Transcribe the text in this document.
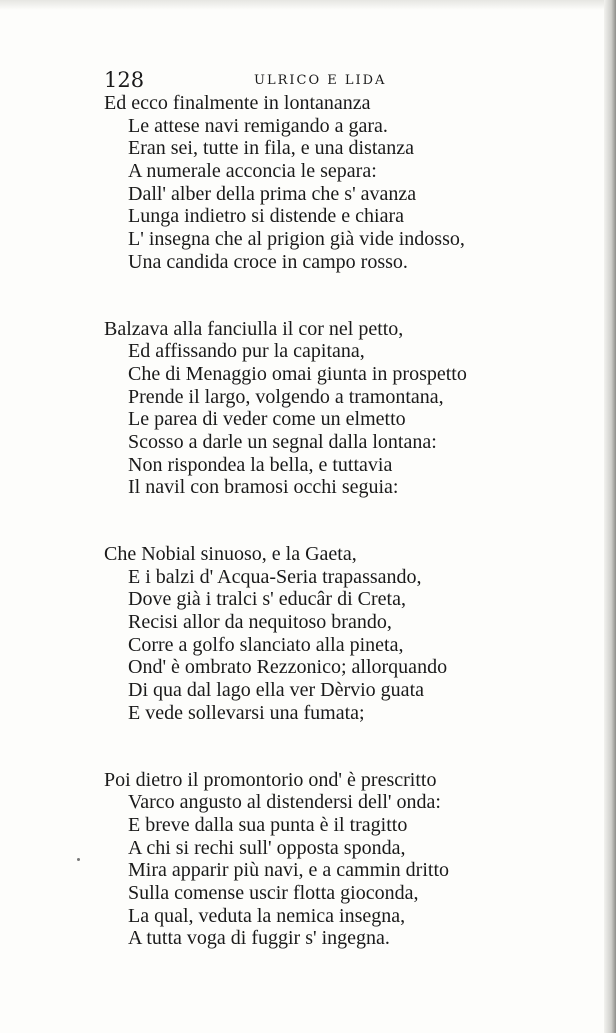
128	ULRICO E LIDA
Ed ecco finalmente in lontananza
Le attese navi remigando a gara.
Eran sei, tutte in fila, e una distanza
A numerale acconcia le separa:
Dall' alber della prima che s' avanza
Lunga indietro si distende e chiara
L' insegna che al prigion già vide indosso,
Una candida croce in campo rosso.
Balzava alla fanciulla il cor nel petto,
Ed affissando pur la capitana,
Che di Menaggio omai giunta in prospetto
Prende il largo, volgendo a tramontana,
Le parea di veder come un elmetto
Scosso a darle un segnal dalla lontana:
Non rispondea la bella, e tuttavia
Il navil con bramosi occhi seguia:
Che Nobial sinuoso, e la Gaeta,
E i balzi d' Acqua-Seria trapassando,
Dove già i tralci s' educâr di Creta,
Recisi allor da nequitoso brando,
Corre a golfo slanciato alla pineta,
Ond' è ombrato Rezzonico; allorquando
Di qua dal lago ella ver Dèrvio guata
E vede sollevarsi una fumata;
Poi dietro il promontorio ond' è prescritto
Varco angusto al distendersi dell' onda:
E breve dalla sua punta è il tragitto
A chi si rechi sull' opposta sponda,
Mira apparir più navi, e a cammin dritto
Sulla comense uscir flotta gioconda,
La qual, veduta la nemica insegna,
A tutta voga di fuggir s' ingegna.
